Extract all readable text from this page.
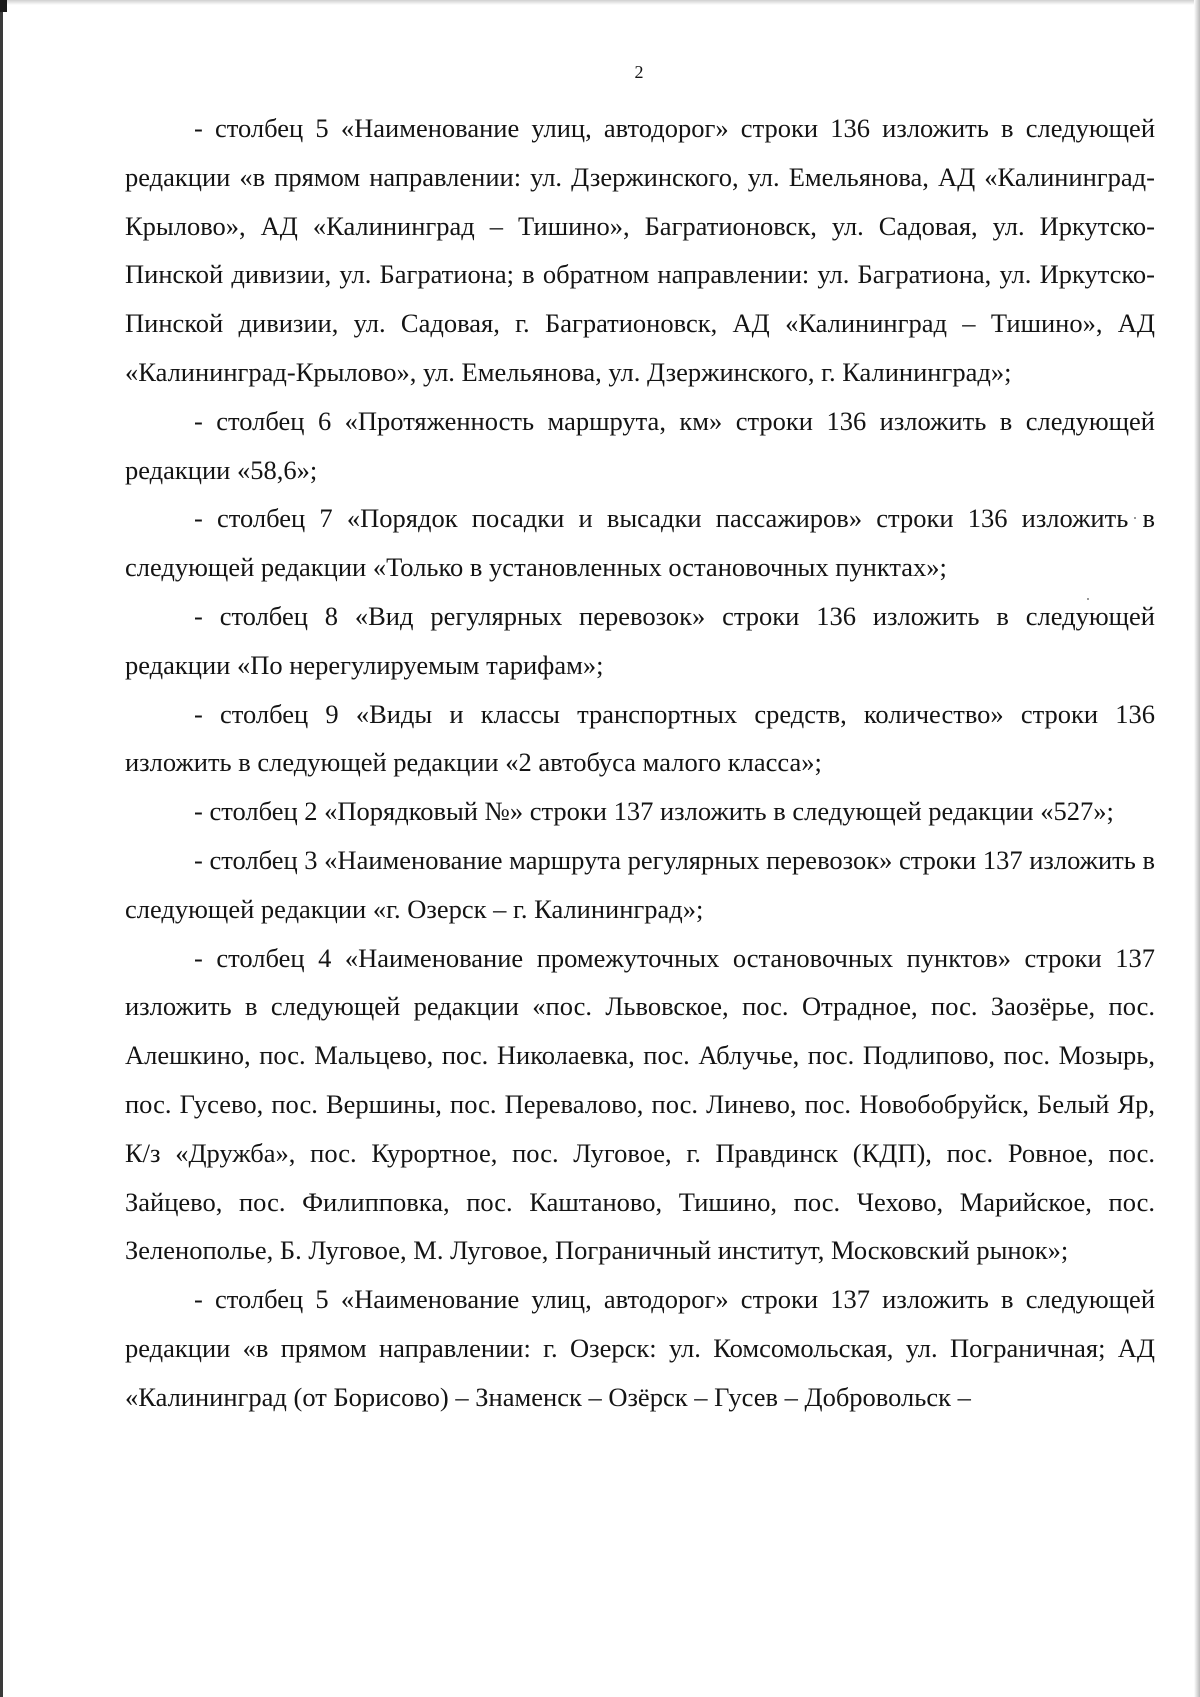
2

- столбец 5 «Наименование улиц, автодорог» строки 136 изложить в следующей редакции «в прямом направлении: ул. Дзержинского, ул. Емельянова, АД «Калининград-Крылово», АД «Калининград – Тишино», Багратионовск, ул. Садовая, ул. Иркутско-Пинской дивизии, ул. Багратиона; в обратном направлении: ул. Багратиона, ул. Иркутско-Пинской дивизии, ул. Садовая, г. Багратионовск, АД «Калининград – Тишино», АД «Калининград-Крылово», ул. Емельянова, ул. Дзержинского, г. Калининград»;

- столбец 6 «Протяженность маршрута, км» строки 136 изложить в следующей редакции «58,6»;

- столбец 7 «Порядок посадки и высадки пассажиров» строки 136 изложить в следующей редакции «Только в установленных остановочных пунктах»;

- столбец 8 «Вид регулярных перевозок» строки 136 изложить в следующей редакции «По нерегулируемым тарифам»;

- столбец 9 «Виды и классы транспортных средств, количество» строки 136 изложить в следующей редакции «2 автобуса малого класса»;

- столбец 2 «Порядковый №» строки 137 изложить в следующей редакции «527»;

- столбец 3 «Наименование маршрута регулярных перевозок» строки 137 изложить в следующей редакции «г. Озерск – г. Калининград»;

- столбец 4 «Наименование промежуточных остановочных пунктов» строки 137 изложить в следующей редакции «пос. Львовское, пос. Отрадное, пос. Заозёрье, пос. Алешкино, пос. Мальцево, пос. Николаевка, пос. Аблучье, пос. Подлипово, пос. Мозырь, пос. Гусево, пос. Вершины, пос. Перевалово, пос. Линево, пос. Новобобруйск, Белый Яр, К/з «Дружба», пос. Курортное, пос. Луговое, г. Правдинск (КДП), пос. Ровное, пос. Зайцево, пос. Филипповка, пос. Каштаново, Тишино, пос. Чехово, Марийское, пос. Зеленополье, Б. Луговое, М. Луговое, Пограничный институт, Московский рынок»;

- столбец 5 «Наименование улиц, автодорог» строки 137 изложить в следующей редакции «в прямом направлении: г. Озерск: ул. Комсомольская, ул. Пограничная; АД «Калининград (от Борисово) – Знаменск – Озёрск – Гусев – Добровольск –
